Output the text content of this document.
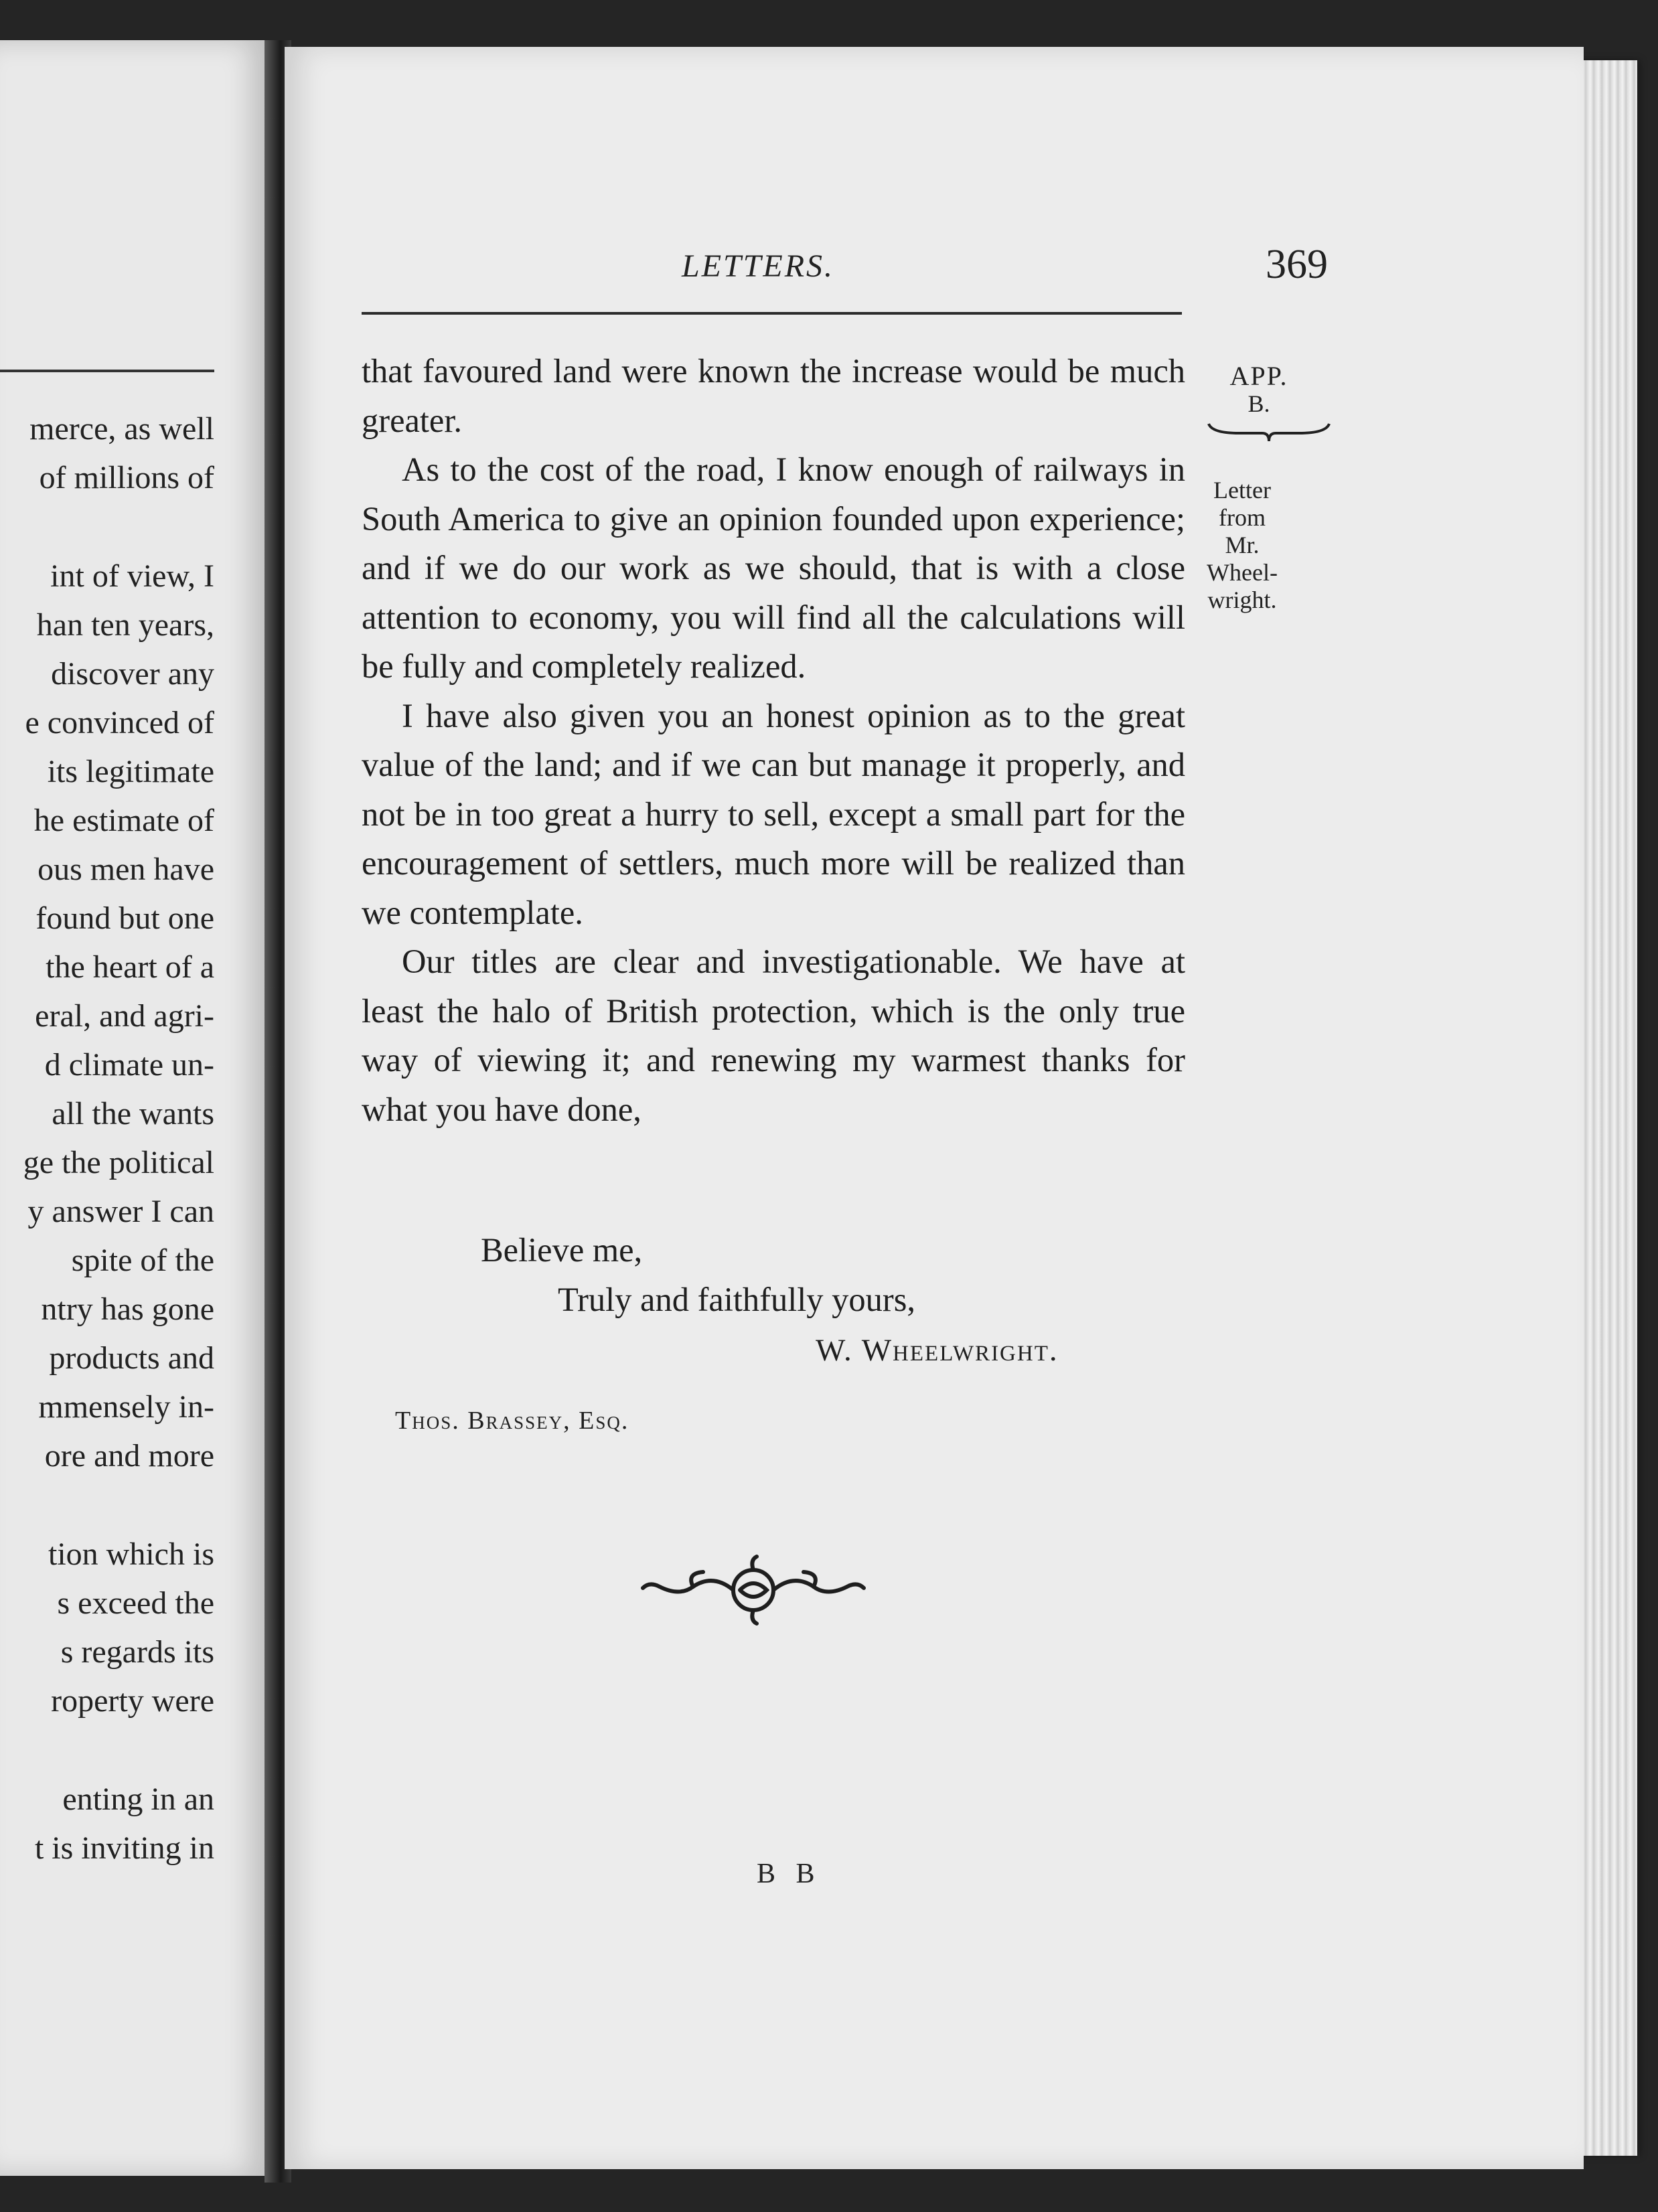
merce, as well
of millions of
int of view, I
han ten years,
discover any
e convinced of
its legitimate
he estimate of
ous men have
found but one
the heart of a
eral, and agri-
d climate un-
all the wants
ge the political
y answer I can
spite of the
ntry has gone
products and
mmensely in-
ore and more
tion which is
s exceed the
s regards its
roperty were
enting in an
t is inviting in
LETTERS.	369
APP.
B.
Letter
from Mr.
Wheel-
wright.

that favoured land were known the increase would be much greater.

As to the cost of the road, I know enough of railways in South America to give an opinion founded upon experience; and if we do our work as we should, that is with a close attention to economy, you will find all the calculations will be fully and completely realized.

I have also given you an honest opinion as to the great value of the land; and if we can but manage it properly, and not be in too great a hurry to sell, except a small part for the encouragement of settlers, much more will be realized than we contemplate.

Our titles are clear and investigationable. We have at least the halo of British protection, which is the only true way of viewing it; and renewing my warmest thanks for what you have done,

Believe me,
Truly and faithfully yours,
W. Wheelwright.
Thos. Brassey, Esq.
B B
